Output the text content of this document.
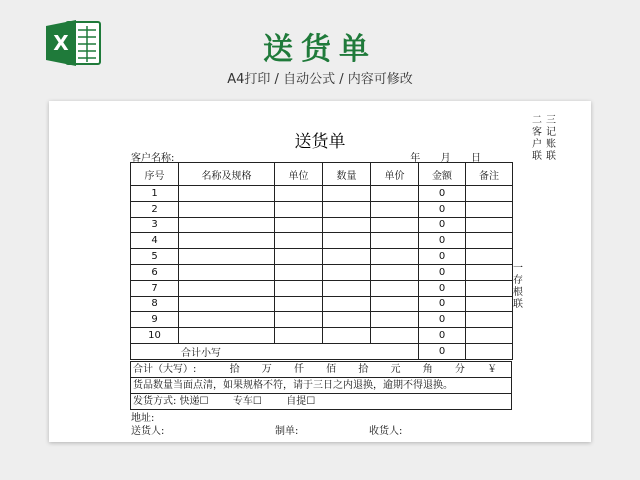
X	送货单
A4打印 / 自动公式 / 内容可修改
送货单
客户名称:	年 月 日
序号	名称及规格	单位	数量	单价	金额	备注
1					0	
2					0	
3					0	
4					0	
5					0	
6					0	
7					0	
8					0	
9					0	
10					0	
合计小写					0	
合计（大写）:	拾 万 仟 佰 拾 元 角 分 ￥
货品数量当面点清，如果规格不符，请于三日之内退换，逾期不得退换。
发货方式: 快递☐ 专车☐ 自提☐
地址:
送货人:	制单:	收货人:
二
客
户
联
三
记
账
联
一
存
根
联
